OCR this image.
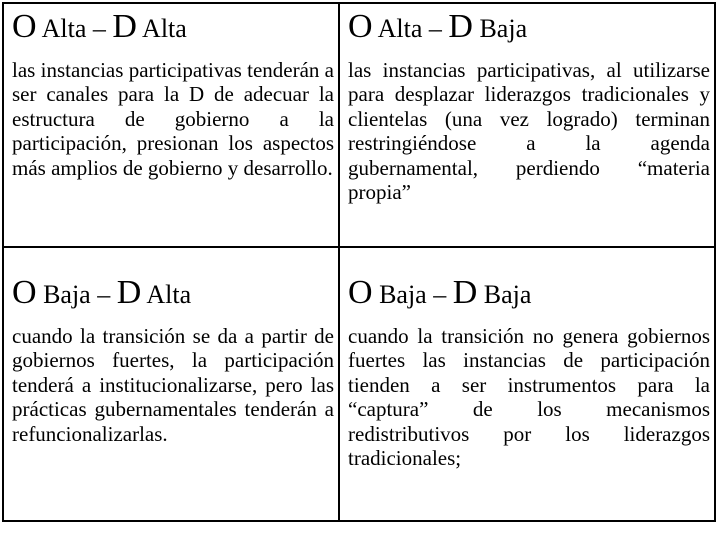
O Alta – D Alta
las instancias participativas tenderán a ser canales para la D de adecuar la estructura de gobierno a la participación, presionan los aspectos más amplios de gobierno y desarrollo.
O Alta – D Baja
las instancias participativas, al utilizarse para desplazar liderazgos tradicionales y clientelas (una vez logrado) terminan restringiéndose a la agenda gubernamental, perdiendo “materia propia”
O Baja – D Alta
cuando la transición se da a partir de gobiernos fuertes, la participación tenderá a institucionalizarse, pero las prácticas gubernamentales tenderán a refuncionalizarlas.
O Baja – D Baja
cuando la transición no genera gobiernos fuertes las instancias de participación tienden a ser instrumentos para la “captura” de los mecanismos redistributivos por los liderazgos tradicionales;
